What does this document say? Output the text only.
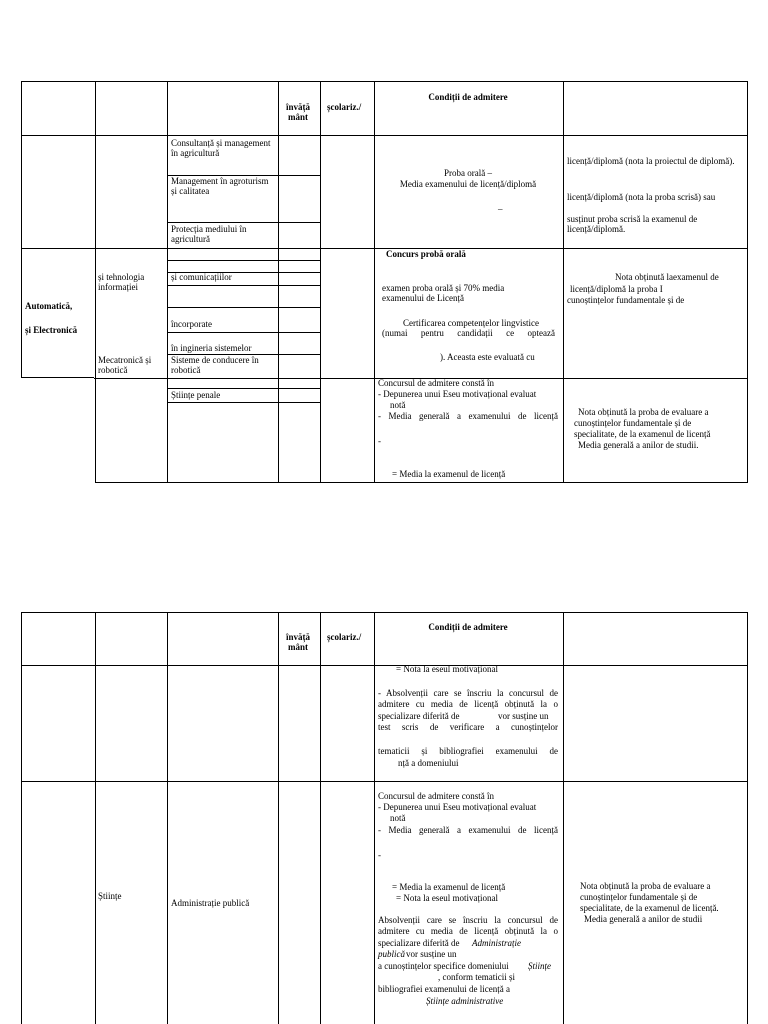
învăță mânt
școlariz./
Condiții de admitere
Consultanță și management în agricultură
Management în agroturism și calitatea
Protecția mediului în agricultură
Proba orală –
Media examenului de licență/diplomă
–
licență/diplomă (nota la proiectul de diplomă).
licență/diplomă (nota la proba scrisă) sau
susținut proba scrisă la examenul de licență/diplomă.
Automatică,
și Electronică
și tehnologia informației
Mecatronică și robotică
și comunicațiilor
încorporate
în ingineria sistemelor
Sisteme de conducere în robotică
Concurs probă orală
examen proba orală și 70% media
examenului de Licență
Certificarea competențelor lingvistice
(numai pentru candidații ce optează
). Aceasta este evaluată cu
Nota obținută laexamenul de
licență/diplomă la proba I
cunoștințelor fundamentale și de
Științe penale
Concursul de admitere constă în
- Depunerea unui Eseu motivațional evaluat
notă
- Media generală a examenului de licență
-
= Media la examenul de licență
Nota obținută la proba de evaluare a
cunoștințelor fundamentale și de
specialitate, de la examenul de licență
Media generală a anilor de studii.
învăță mânt
școlariz./
Condiții de admitere
= Nota la eseul motivațional
- Absolvenții care se înscriu la concursul de
admitere cu media de licență obținută la o
specializare diferită de	vor susține un
test scris de verificare a cunoștințelor
tematicii și bibliografiei examenului de
nță a domeniului
Științe
Administrație publică
Concursul de admitere constă în
- Depunerea unui Eseu motivațional evaluat
notă
- Media generală a examenului de licență
-
= Media la examenul de licență
= Nota la eseul motivațional
Absolvenții care se înscriu la concursul de
admitere cu media de licență obținută la o
specializare diferită de Administrație
publică vor susține un
a cunoștințelor specifice domeniului Științe
, conform tematicii și
bibliografiei examenului de licență a
Științe administrative
Nota obținută la proba de evaluare a
cunoștințelor fundamentale și de
specialitate, de la examenul de licență.
Media generală a anilor de studii
